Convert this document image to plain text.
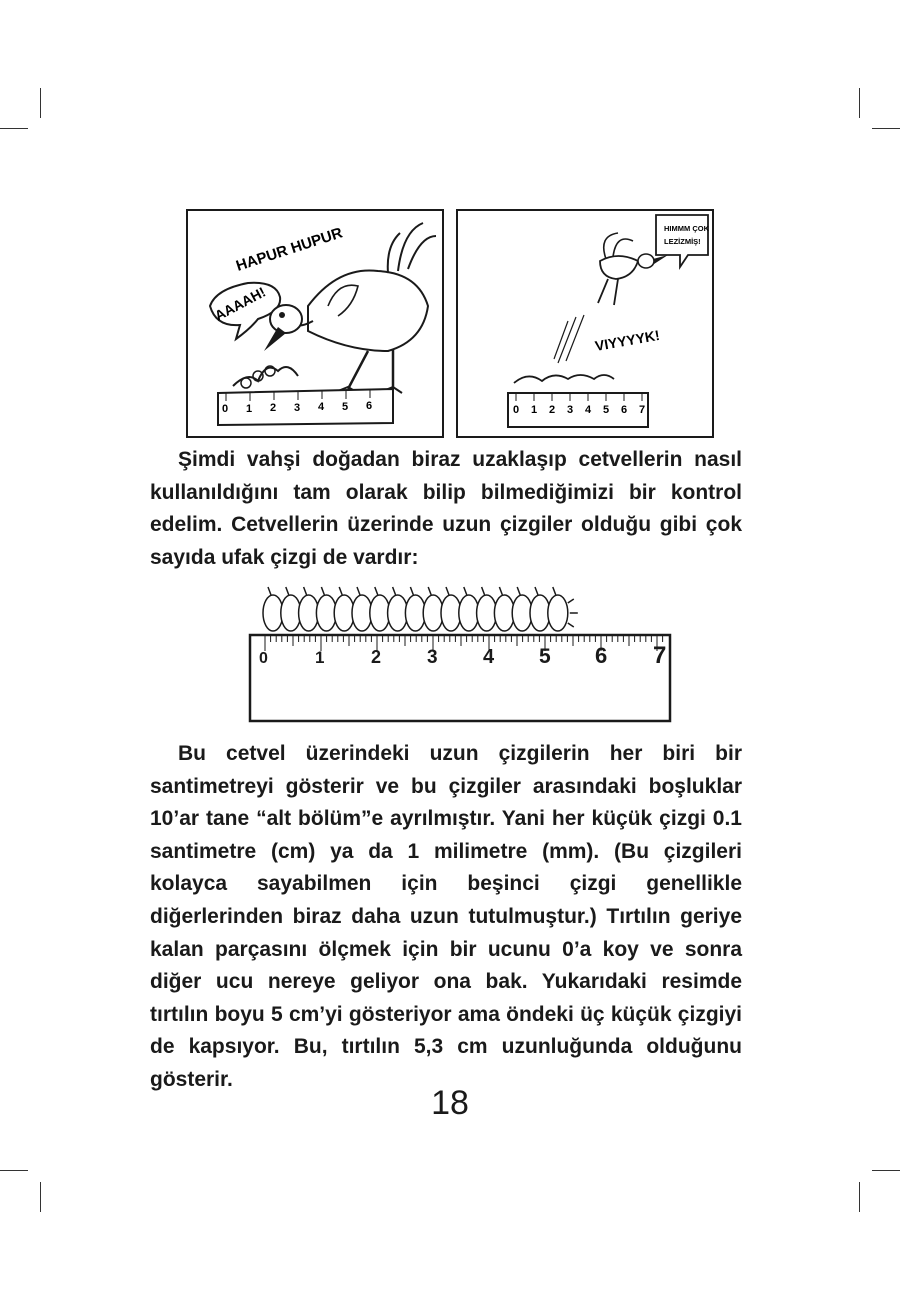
HAPUR HUPUR
AAAAH!
0 1 2 3 4 5 6
HIMMM ÇOK
LEZİZMİŞ!
VIYYYYK!
0 1 2 3 4 5 6 7

Şimdi vahşi doğadan biraz uzaklaşıp cetvellerin nasıl kullanıldığını tam olarak bilip bilmediğimizi bir kontrol edelim. Cetvellerin üzerinde uzun çizgiler olduğu gibi çok sayıda ufak çizgi de vardır:

0	1	2 3 4 5 6 7

Bu cetvel üzerindeki uzun çizgilerin her biri bir santimetreyi gösterir ve bu çizgiler arasındaki boşluklar 10’ar tane “alt bölüm”e ayrılmıştır. Yani her küçük çizgi 0.1 santimetre (cm) ya da 1 milimetre (mm). (Bu çizgileri kolayca sayabilmen için beşinci çizgi genellikle diğerlerinden biraz daha uzun tutulmuştur.) Tırtılın geriye kalan parçasını ölçmek için bir ucunu 0’a koy ve sonra diğer ucu nereye geliyor ona bak. Yukarıdaki resimde tırtılın boyu 5 cm’yi gösteriyor ama öndeki üç küçük çizgiyi de kapsıyor. Bu, tırtılın 5,3 cm uzunluğunda olduğunu gösterir.

18
